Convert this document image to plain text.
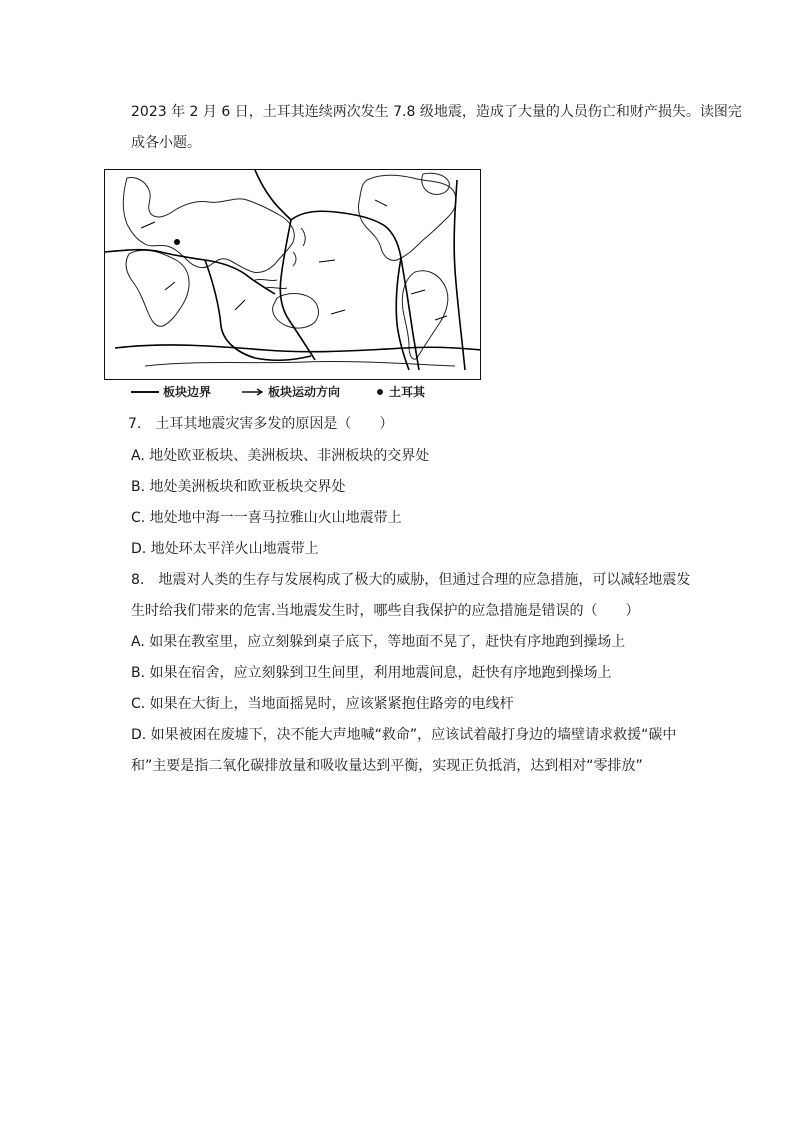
2023 年 2 月 6 日，土耳其连续两次发生 7.8 级地震，造成了大量的人员伤亡和财产损失。读图完
成各小题。
板块边界	板块运动方向	土耳其
7.　土耳其地震灾害多发的原因是（　　）
A. 地处欧亚板块、美洲板块、非洲板块的交界处
B. 地处美洲板块和欧亚板块交界处
C. 地处地中海一一喜马拉雅山火山地震带上
D. 地处环太平洋火山地震带上
8.　地震对人类的生存与发展构成了极大的威胁，但通过合理的应急措施，可以减轻地震发
生时给我们带来的危害.当地震发生时，哪些自我保护的应急措施是错误的（　　）
A. 如果在教室里，应立刻躲到桌子底下，等地面不晃了，赶快有序地跑到操场上
B. 如果在宿舍，应立刻躲到卫生间里，利用地震间息，赶快有序地跑到操场上
C. 如果在大街上，当地面摇晃时，应该紧紧抱住路旁的电线杆
D. 如果被困在废墟下，决不能大声地喊“救命”，应该试着敲打身边的墙壁请求救援“碳中
和”主要是指二氧化碳排放量和吸收量达到平衡，实现正负抵消，达到相对“零排放”
